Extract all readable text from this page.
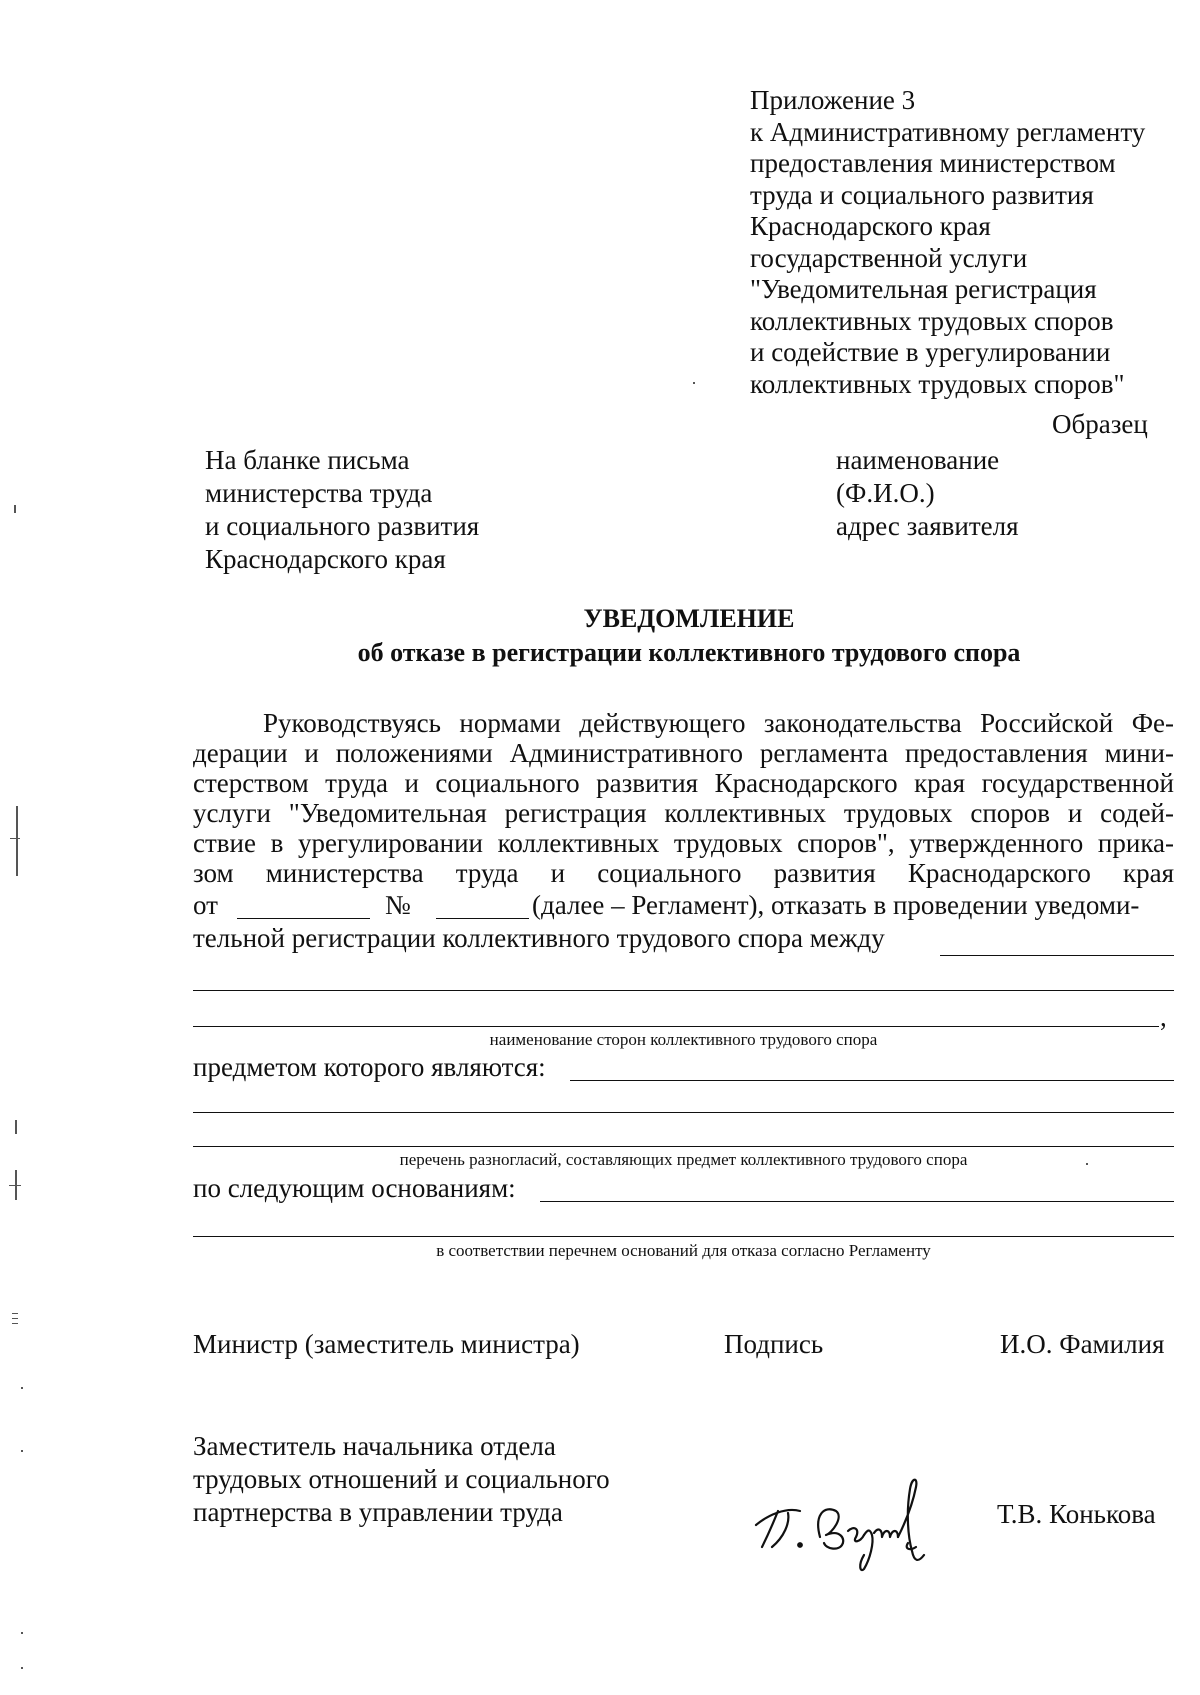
Приложение 3
к Административному регламенту
предоставления министерством
труда и социального развития
Краснодарского края
государственной услуги
"Уведомительная регистрация
коллективных трудовых споров
и содействие в урегулировании
коллективных трудовых споров"
Образец
На бланке письма
министерства труда
и социального развития
Краснодарского края
наименование
(Ф.И.О.)
адрес заявителя
УВЕДОМЛЕНИЕ
об отказе в регистрации коллективного трудового спора
Руководствуясь нормами действующего законодательства Российской Фе-
дерации и положениями Административного регламента предоставления мини-
стерством труда и социального развития Краснодарского края государственной
услуги "Уведомительная регистрация коллективных трудовых споров и содей-
ствие в урегулировании коллективных трудовых споров", утвержденного прика-
зом министерства труда и социального развития Краснодарского края
от	№	(далее – Регламент), отказать в проведении уведоми-
тельной регистрации коллективного трудового спора между
,
наименование сторон коллективного трудового спора
предметом которого являются:
перечень разногласий, составляющих предмет коллективного трудового спора
по следующим основаниям:
в соответствии перечнем оснований для отказа согласно Регламенту
Министр (заместитель министра)	Подпись	И.О. Фамилия
Заместитель начальника отдела
трудовых отношений и социального
партнерства в управлении труда	Т.В. Конькова
